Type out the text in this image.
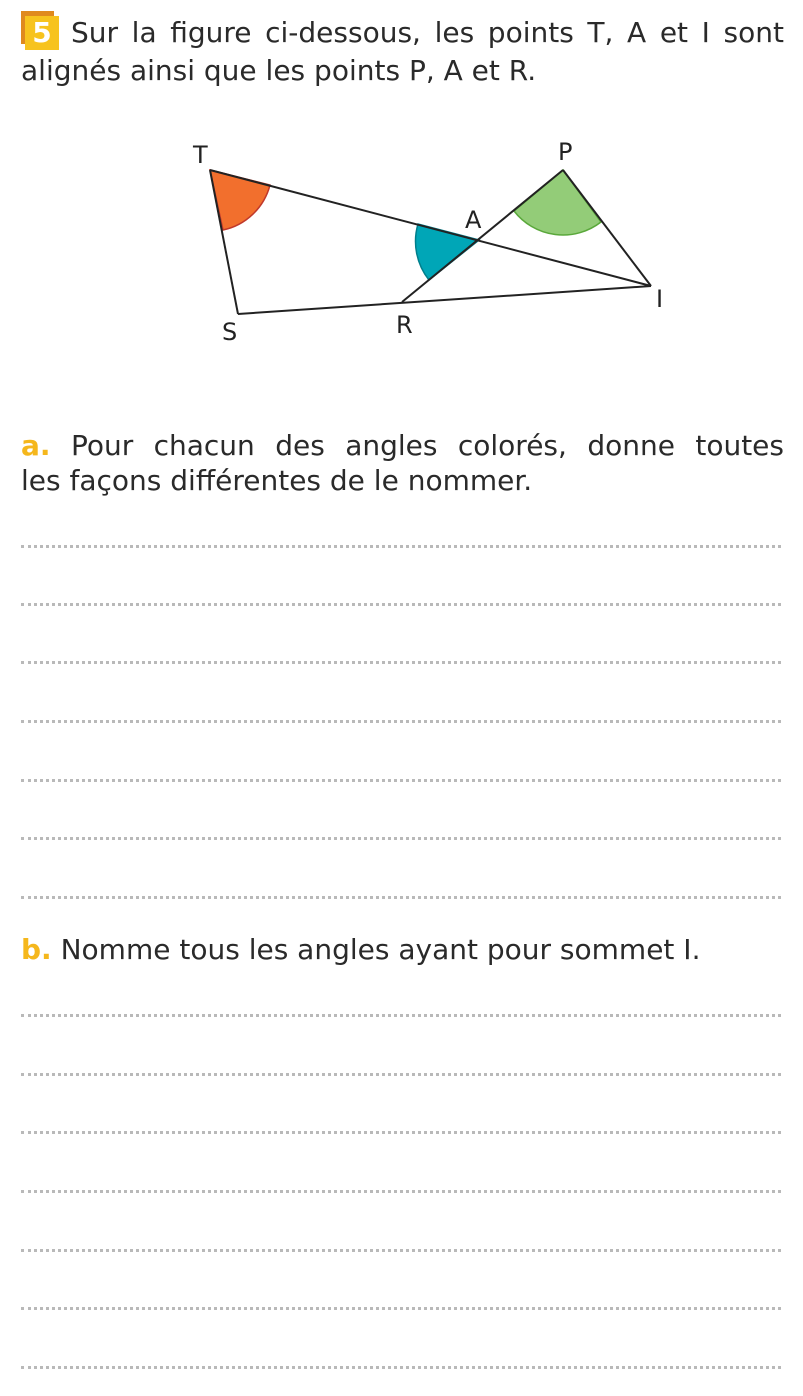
5 Sur la figure ci-dessous, les points T, A et I sont
alignés ainsi que les points P, A et R.
T	P
A
I
S	R
a. Pour chacun des angles colorés, donne toutes
les façons différentes de le nommer.
b. Nomme tous les angles ayant pour sommet I.
